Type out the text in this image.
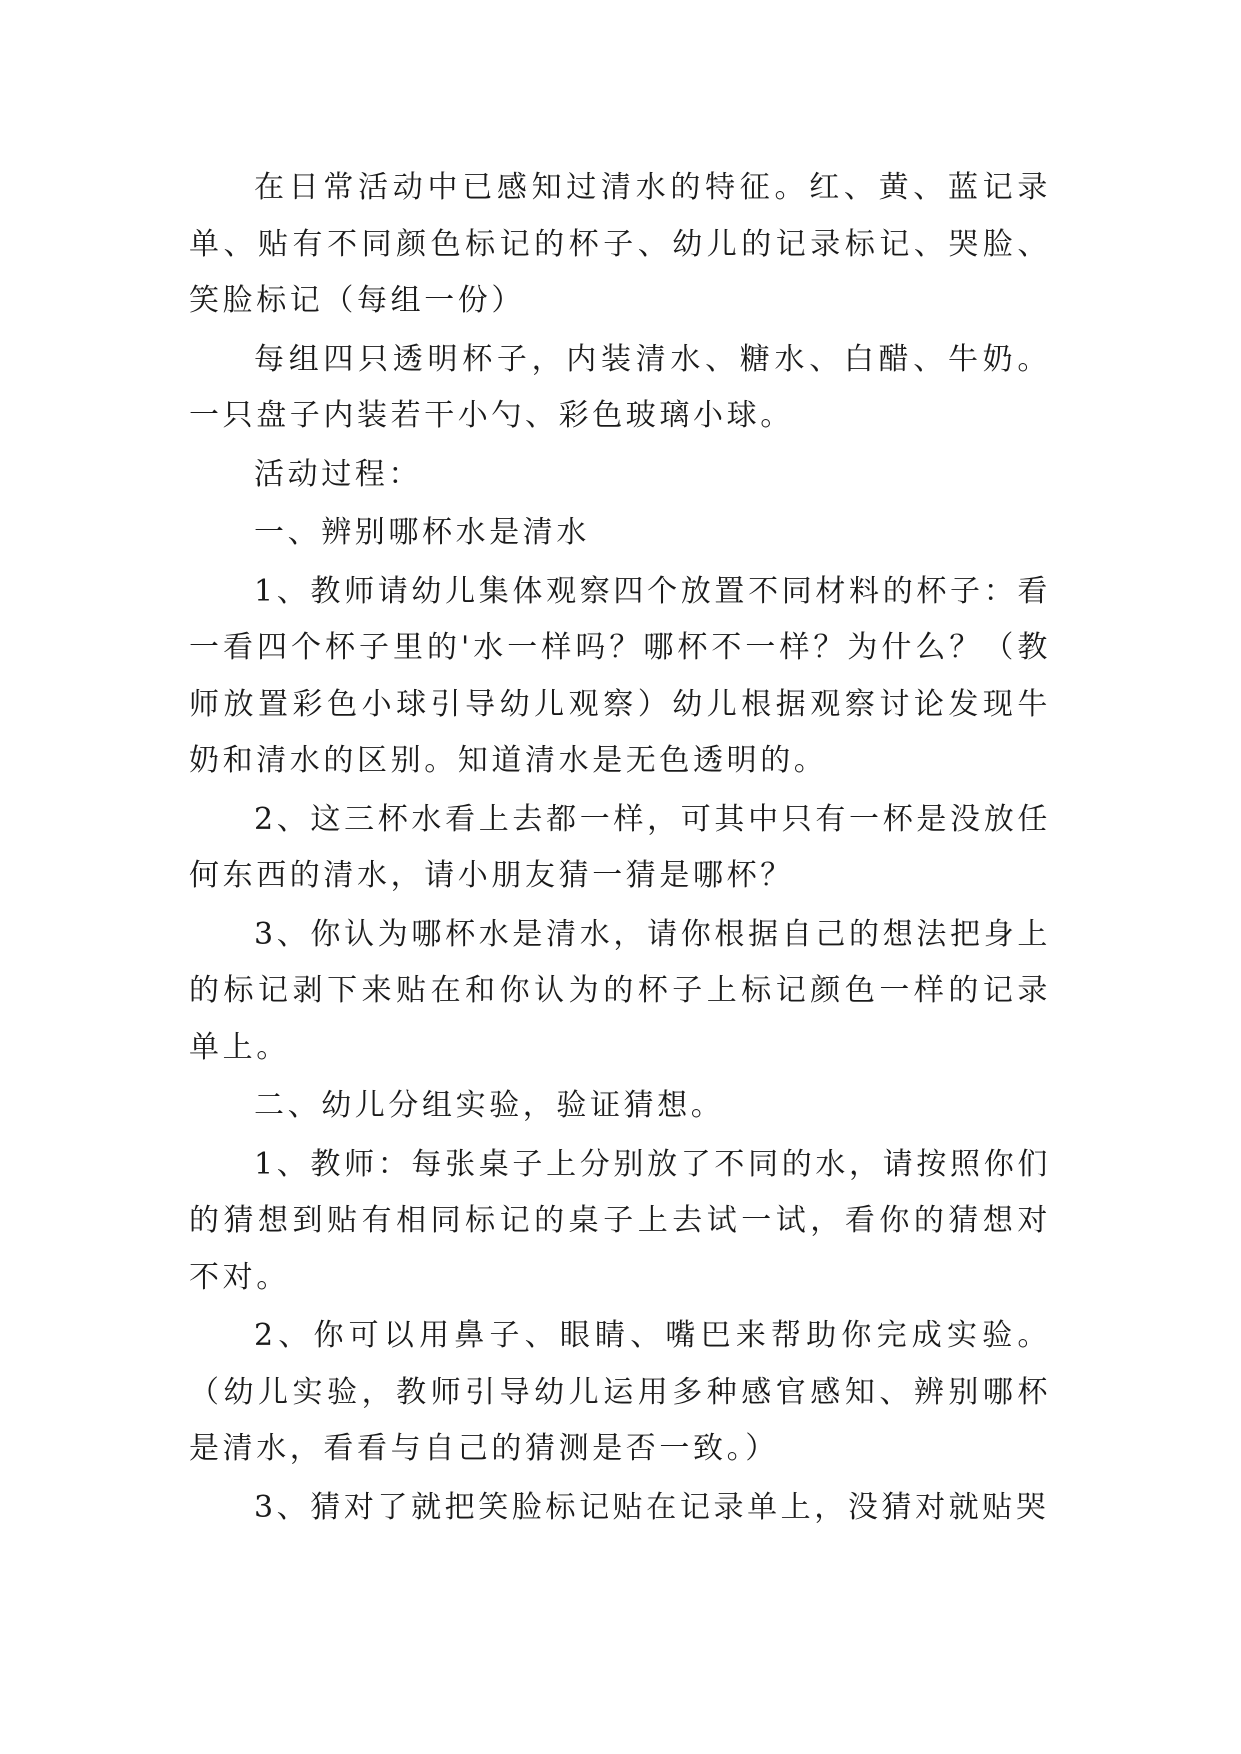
在日常活动中已感知过清水的特征。红、黄、蓝记录单、贴有不同颜色标记的杯子、幼儿的记录标记、哭脸、笑脸标记（每组一份）

每组四只透明杯子，内装清水、糖水、白醋、牛奶。一只盘子内装若干小勺、彩色玻璃小球。

活动过程：

一、辨别哪杯水是清水

1、教师请幼儿集体观察四个放置不同材料的杯子：看一看四个杯子里的'水一样吗？哪杯不一样？为什么？（教师放置彩色小球引导幼儿观察）幼儿根据观察讨论发现牛奶和清水的区别。知道清水是无色透明的。

2、这三杯水看上去都一样，可其中只有一杯是没放任何东西的清水，请小朋友猜一猜是哪杯？

3、你认为哪杯水是清水，请你根据自己的想法把身上的标记剥下来贴在和你认为的杯子上标记颜色一样的记录单上。

二、幼儿分组实验，验证猜想。

1、教师：每张桌子上分别放了不同的水，请按照你们的猜想到贴有相同标记的桌子上去试一试，看你的猜想对不对。

2、你可以用鼻子、眼睛、嘴巴来帮助你完成实验。（幼儿实验，教师引导幼儿运用多种感官感知、辨别哪杯是清水，看看与自己的猜测是否一致。）

3、猜对了就把笑脸标记贴在记录单上，没猜对就贴哭
